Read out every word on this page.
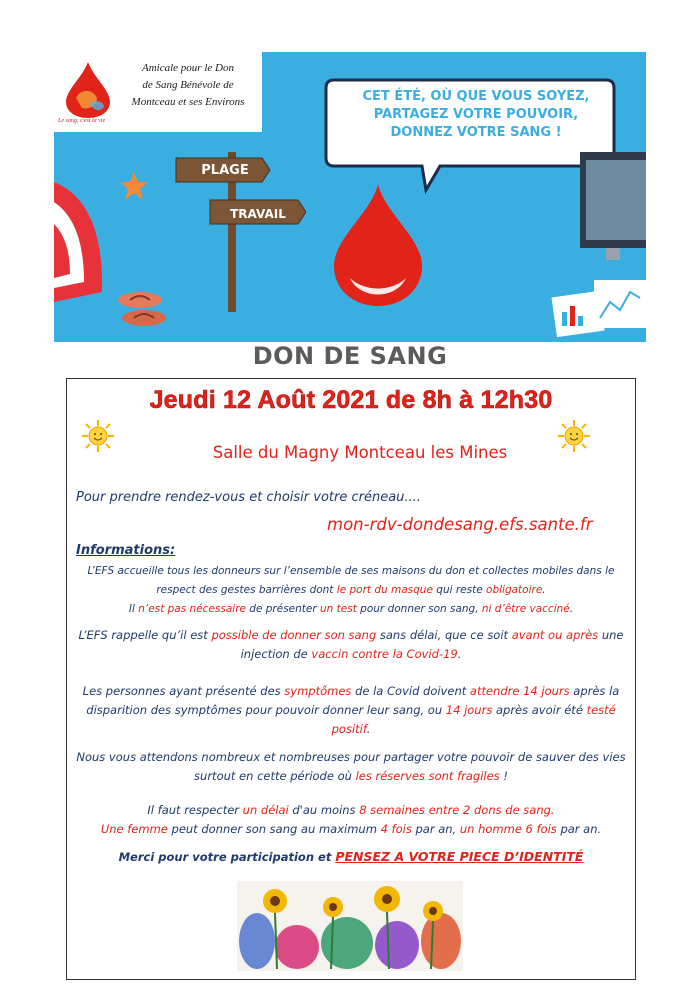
Le sang, c'est la vie
Amicale pour le Don
de Sang Bénévole de
Montceau et ses Environs	CET ÉTÉ, OÙ QUE VOUS SOYEZ,
PARTAGEZ VOTRE POUVOIR,
DONNEZ VOTRE SANG !
PLAGE
TRAVAIL
DON DE SANG
Jeudi 12 Août 2021 de 8h à 12h30
Salle du Magny Montceau les Mines
Pour prendre rendez-vous et choisir votre créneau....
mon-rdv-dondesang.efs.sante.fr
Informations:
L’EFS accueille tous les donneurs sur l’ensemble de ses maisons du don et collectes mobiles dans le respect des gestes barrières dont le port du masque qui reste obligatoire.
Il n’est pas nécessaire de présenter un test pour donner son sang, ni d’être vacciné.
L’EFS rappelle qu’il est possible de donner son sang sans délai, que ce soit avant ou après une injection de vaccin contre la Covid-19.
Les personnes ayant présenté des symptômes de la Covid doivent attendre 14 jours après la disparition des symptômes pour pouvoir donner leur sang, ou 14 jours après avoir été testé positif.
Nous vous attendons nombreux et nombreuses pour partager votre pouvoir de sauver des vies surtout en cette période où les réserves sont fragiles !
Il faut respecter un délai d'au moins 8 semaines entre 2 dons de sang.
Une femme peut donner son sang au maximum 4 fois par an, un homme 6 fois par an.
Merci pour votre participation et PENSEZ A VOTRE PIECE D’IDENTITÉ
